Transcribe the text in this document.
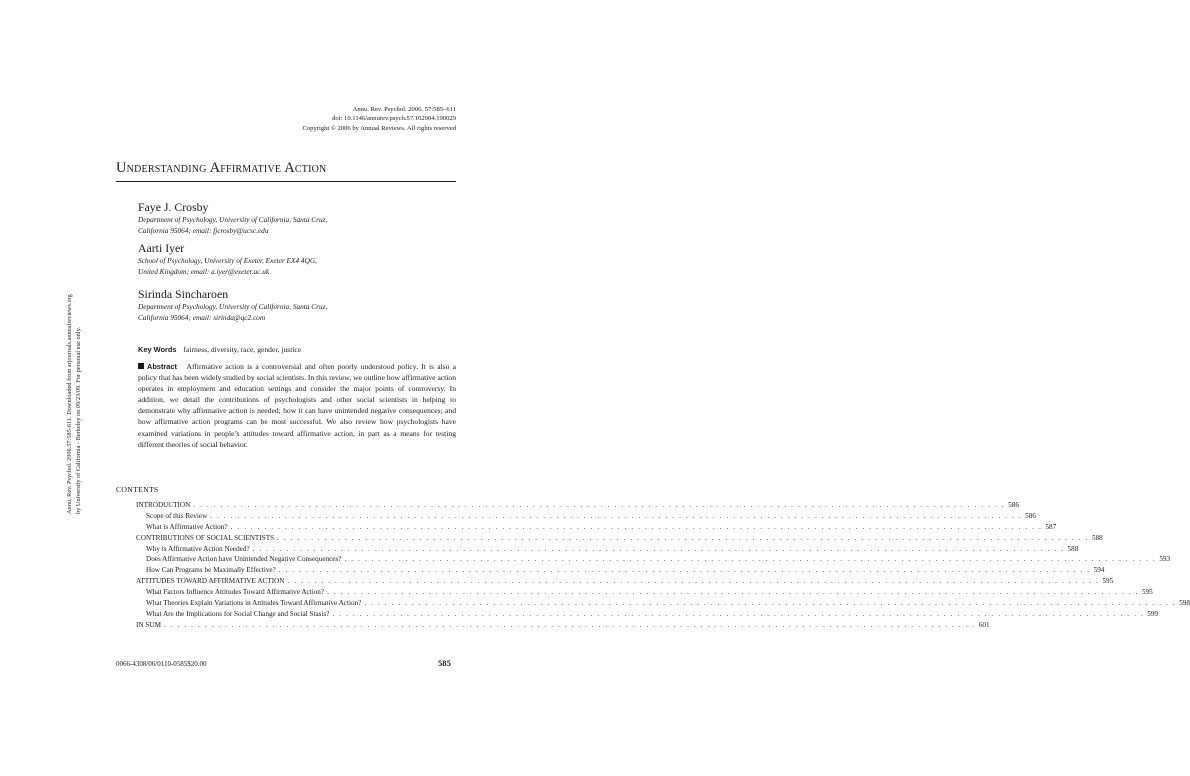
Annu. Rev. Psychol. 2006. 57:585–611
doi: 10.1146/annurev.psych.57.102904.190029
Copyright © 2006 by Annual Reviews. All rights reserved
Understanding Affirmative Action
Faye J. Crosby
Department of Psychology, University of California, Santa Cruz,
California 95064; email: fjcrosby@ucsc.edu
Aarti Iyer
School of Psychology, University of Exeter, Exeter EX4 4QG,
United Kingdom; email: a.iyer@exeter.ac.uk
Sirinda Sincharoen
Department of Psychology, University of California, Santa Cruz,
California 95064; email: sirinda@qc2.com
Key Words fairness, diversity, race, gender, justice
Abstract Affirmative action is a controversial and often poorly understood policy. It is also a policy that has been widely studied by social scientists. In this review, we outline how affirmative action operates in employment and education settings and consider the major points of controversy. In addition, we detail the contributions of psychologists and other social scientists in helping to demonstrate why affirmative action is needed; how it can have unintended negative consequences; and how affirmative action programs can be most successful. We also review how psychologists have examined variations in people’s attitudes toward affirmative action, in part as a means for testing different theories of social behavior.
Annu. Rev. Psychol. 2006.57:585-611. Downloaded from arjournals.annualreviews.org by University of California - Berkeley on 09/23/09. For personal use only.	CONTENTS
INTRODUCTION . . . . . . . . . . . . . . . . . . . . . . . . . . . . . . . . . . . . . . . . . . . . . . . . . . . . . . . . . . . . . . . . . . . . . . . . . . . . . . . . . . . . . . . . . . . . . . . . . . . . . . . . . . . . . . . . . . . . . . . . 586
Scope of this Review . . . . . . . . . . . . . . . . . . . . . . . . . . . . . . . . . . . . . . . . . . . . . . . . . . . . . . . . . . . . . . . . . . . . . . . . . . . . . . . . . . . . . . . . . . . . . . . . . . . . . . . . . . . . . . . . . . . . . . . . 586
What is Affirmative Action? . . . . . . . . . . . . . . . . . . . . . . . . . . . . . . . . . . . . . . . . . . . . . . . . . . . . . . . . . . . . . . . . . . . . . . . . . . . . . . . . . . . . . . . . . . . . . . . . . . . . . . . . . . . . . . . . . . . . . . . . 587
CONTRIBUTIONS OF SOCIAL SCIENTISTS . . . . . . . . . . . . . . . . . . . . . . . . . . . . . . . . . . . . . . . . . . . . . . . . . . . . . . . . . . . . . . . . . . . . . . . . . . . . . . . . . . . . . . . . . . . . . . . . . . . . . . . . . . . . . . . . . . . . . . . . 588
Why is Affirmative Action Needed? . . . . . . . . . . . . . . . . . . . . . . . . . . . . . . . . . . . . . . . . . . . . . . . . . . . . . . . . . . . . . . . . . . . . . . . . . . . . . . . . . . . . . . . . . . . . . . . . . . . . . . . . . . . . . . . . . . . . . . . . 588
Does Affirmative Action have Unintended Negative Consequences? . . . . . . . . . . . . . . . . . . . . . . . . . . . . . . . . . . . . . . . . . . . . . . . . . . . . . . . . . . . . . . . . . . . . . . . . . . . . . . . . . . . . . . . . . . . . . . . . . . . . . . . . . . . . . . . . . . . . . . . . 593
How Can Programs be Maximally Effective? . . . . . . . . . . . . . . . . . . . . . . . . . . . . . . . . . . . . . . . . . . . . . . . . . . . . . . . . . . . . . . . . . . . . . . . . . . . . . . . . . . . . . . . . . . . . . . . . . . . . . . . . . . . . . . . . . . . . . . . . 594
ATTITUDES TOWARD AFFIRMATIVE ACTION . . . . . . . . . . . . . . . . . . . . . . . . . . . . . . . . . . . . . . . . . . . . . . . . . . . . . . . . . . . . . . . . . . . . . . . . . . . . . . . . . . . . . . . . . . . . . . . . . . . . . . . . . . . . . . . . . . . . . . . . 595
What Factors Influence Attitudes Toward Affirmative Action? . . . . . . . . . . . . . . . . . . . . . . . . . . . . . . . . . . . . . . . . . . . . . . . . . . . . . . . . . . . . . . . . . . . . . . . . . . . . . . . . . . . . . . . . . . . . . . . . . . . . . . . . . . . . . . . . . . . . . . . . 595
What Theories Explain Variations in Attitudes Toward Affirmative Action? . . . . . . . . . . . . . . . . . . . . . . . . . . . . . . . . . . . . . . . . . . . . . . . . . . . . . . . . . . . . . . . . . . . . . . . . . . . . . . . . . . . . . . . . . . . . . . . . . . . . . . . . . . . . . . . . . . . . . . . . 598
What Are the Implications for Social Change and Social Stasis? . . . . . . . . . . . . . . . . . . . . . . . . . . . . . . . . . . . . . . . . . . . . . . . . . . . . . . . . . . . . . . . . . . . . . . . . . . . . . . . . . . . . . . . . . . . . . . . . . . . . . . . . . . . . . . . . . . . . . . . . 599
IN SUM . . . . . . . . . . . . . . . . . . . . . . . . . . . . . . . . . . . . . . . . . . . . . . . . . . . . . . . . . . . . . . . . . . . . . . . . . . . . . . . . . . . . . . . . . . . . . . . . . . . . . . . . . . . . . . . . . . . . . . . . 601
0066-4308/06/0110-0585$20.00	585
